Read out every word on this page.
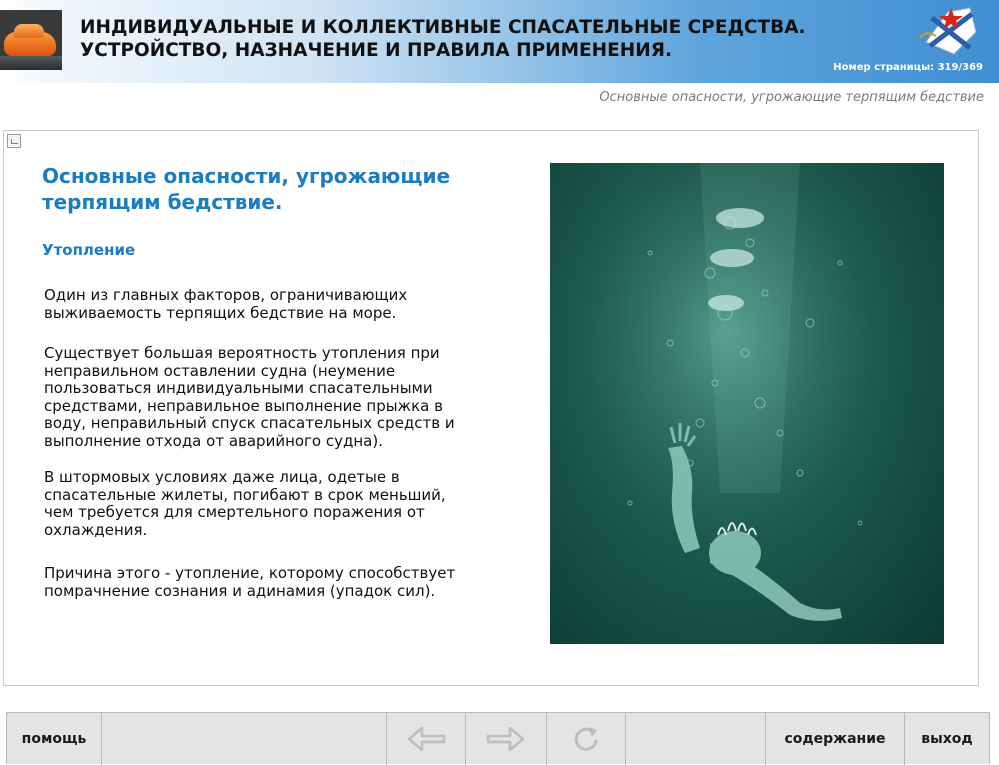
ИНДИВИДУАЛЬНЫЕ И КОЛЛЕКТИВНЫЕ СПАСАТЕЛЬНЫЕ СРЕДСТВА.
УСТРОЙСТВО, НАЗНАЧЕНИЕ И ПРАВИЛА ПРИМЕНЕНИЯ.
Номер страницы: 319/369
Основные опасности, угрожающие терпящим бедствие
Основные опасности, угрожающие
терпящим бедствие.
Утопление
Один из главных факторов, ограничивающих
выживаемость терпящих бедствие на море.
Существует большая вероятность утопления при
неправильном оставлении судна (неумение
пользоваться индивидуальными спасательными
средствами, неправильное выполнение прыжка в
воду, неправильный спуск спасательных средств и
выполнение отхода от аварийного судна).
В штормовых условиях даже лица, одетые в
спасательные жилеты, погибают в срок меньший,
чем требуется для смертельного поражения от
охлаждения.
Причина этого - утопление, которому способствует
помрачнение сознания и адинамия (упадок сил).
помощь	содержание	выход
